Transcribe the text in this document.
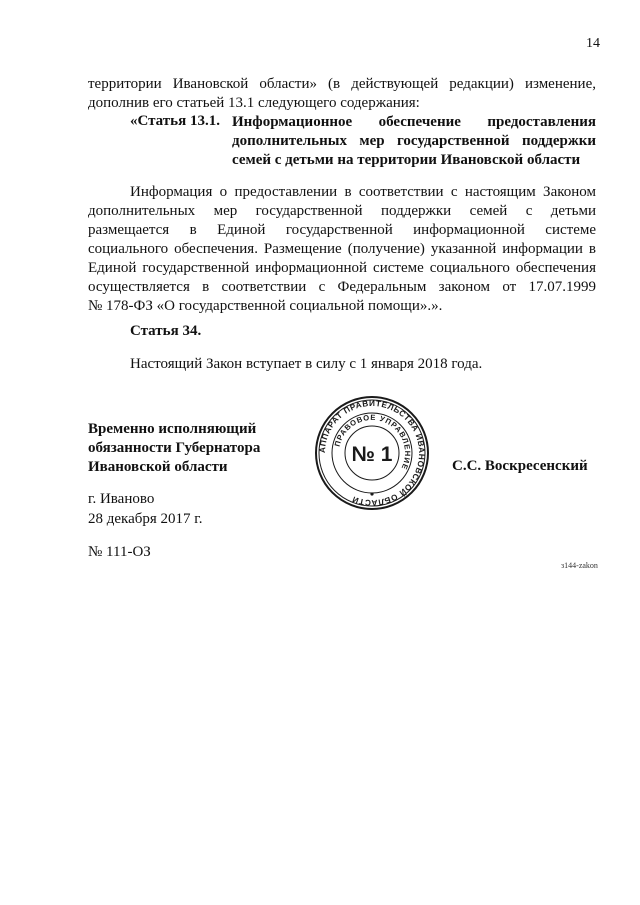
14
территории Ивановской области» (в действующей редакции) изменение,
дополнив его статьей 13.1 следующего содержания:
«Статья 13.1. Информационное обеспечение предоставления
дополнительных мер государственной поддержки
семей с детьми на территории Ивановской области
Информация о предоставлении в соответствии с настоящим Законом
дополнительных мер государственной поддержки семей с детьми
размещается в Единой государственной информационной системе
социального обеспечения. Размещение (получение) указанной информации в
Единой государственной информационной системе социального обеспечения
осуществляется в соответствии с Федеральным законом от 17.07.1999
№ 178-ФЗ «О государственной социальной помощи».».
Статья 34.
Настоящий Закон вступает в силу с 1 января 2018 года.
Временно исполняющий
обязанности Губернатора
Ивановской области
АППАРАТ ПРАВИТЕЛЬСТВА ИВАНОВСКОЙ ОБЛАСТИ
ПРАВОВОЕ УПРАВЛЕНИЕ
№ 1	С.С. Воскресенский
г. Иваново
28 декабря 2017 г.
№ 111-ОЗ
з144-zakon
